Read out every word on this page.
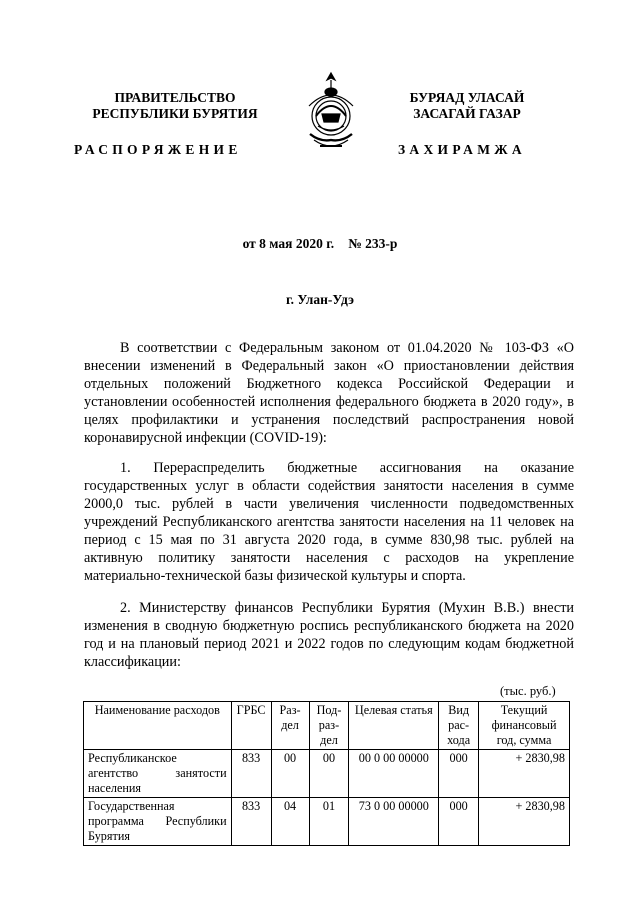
ПРАВИТЕЛЬСТВО
РЕСПУБЛИКИ БУРЯТИЯ
БУРЯАД УЛАСАЙ
ЗАСАГАЙ ГАЗАР
РАСПОРЯЖЕНИЕ	ЗАХИРАМЖА
от 8 мая 2020 г. № 233-р
г. Улан-Удэ
В соответствии с Федеральным законом от 01.04.2020 № 103-ФЗ «О внесении изменений в Федеральный закон «О приостановлении действия отдельных положений Бюджетного кодекса Российской Федерации и установлении особенностей исполнения федерального бюджета в 2020 году», в целях профилактики и устранения последствий распространения новой коронавирусной инфекции (COVID-19):
1. Перераспределить бюджетные ассигнования на оказание государственных услуг в области содействия занятости населения в сумме 2000,0 тыс. рублей в части увеличения численности подведомственных учреждений Республиканского агентства занятости населения на 11 человек на период с 15 мая по 31 августа 2020 года, в сумме 830,98 тыс. рублей на активную политику занятости населения с расходов на укрепление материально-технической базы физической культуры и спорта.
2. Министерству финансов Республики Бурятия (Мухин В.В.) внести изменения в сводную бюджетную роспись республиканского бюджета на 2020 год и на плановый период 2021 и 2022 годов по следующим кодам бюджетной классификации:
(тыс. руб.)
Наименование расходов	ГРБС	Раз-дел	Под-раз-дел	Целевая статья	Вид рас-хода	Текущий финансовый год, сумма
Республиканское агентство занятости населения	833	00	00	00 0 00 00000	000	+ 2830,98
Государственная программа Республики Бурятия	833	04	01	73 0 00 00000	000	+ 2830,98
